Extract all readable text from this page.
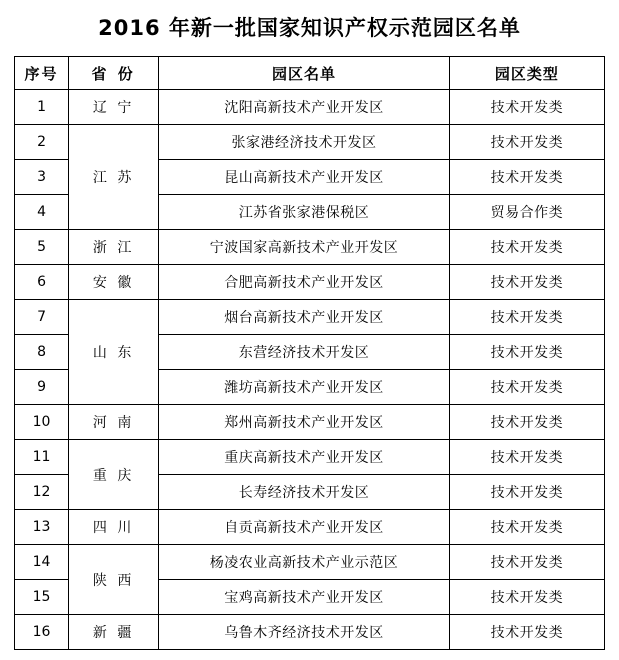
2016 年新一批国家知识产权示范园区名单
序号	省 份	园区名单	园区类型
1	辽 宁	沈阳高新技术产业开发区	技术开发类
2	江 苏	张家港经济技术开发区	技术开发类
3		昆山高新技术产业开发区	技术开发类
4		江苏省张家港保税区	贸易合作类
5	浙 江	宁波国家高新技术产业开发区	技术开发类
6	安 徽	合肥高新技术产业开发区	技术开发类
7	山 东	烟台高新技术产业开发区	技术开发类
8		东营经济技术开发区	技术开发类
9		潍坊高新技术产业开发区	技术开发类
10	河 南	郑州高新技术产业开发区	技术开发类
11	重 庆	重庆高新技术产业开发区	技术开发类
12		长寿经济技术开发区	技术开发类
13	四 川	自贡高新技术产业开发区	技术开发类
14	陕 西	杨凌农业高新技术产业示范区	技术开发类
15		宝鸡高新技术产业开发区	技术开发类
16	新 疆	乌鲁木齐经济技术开发区	技术开发类
